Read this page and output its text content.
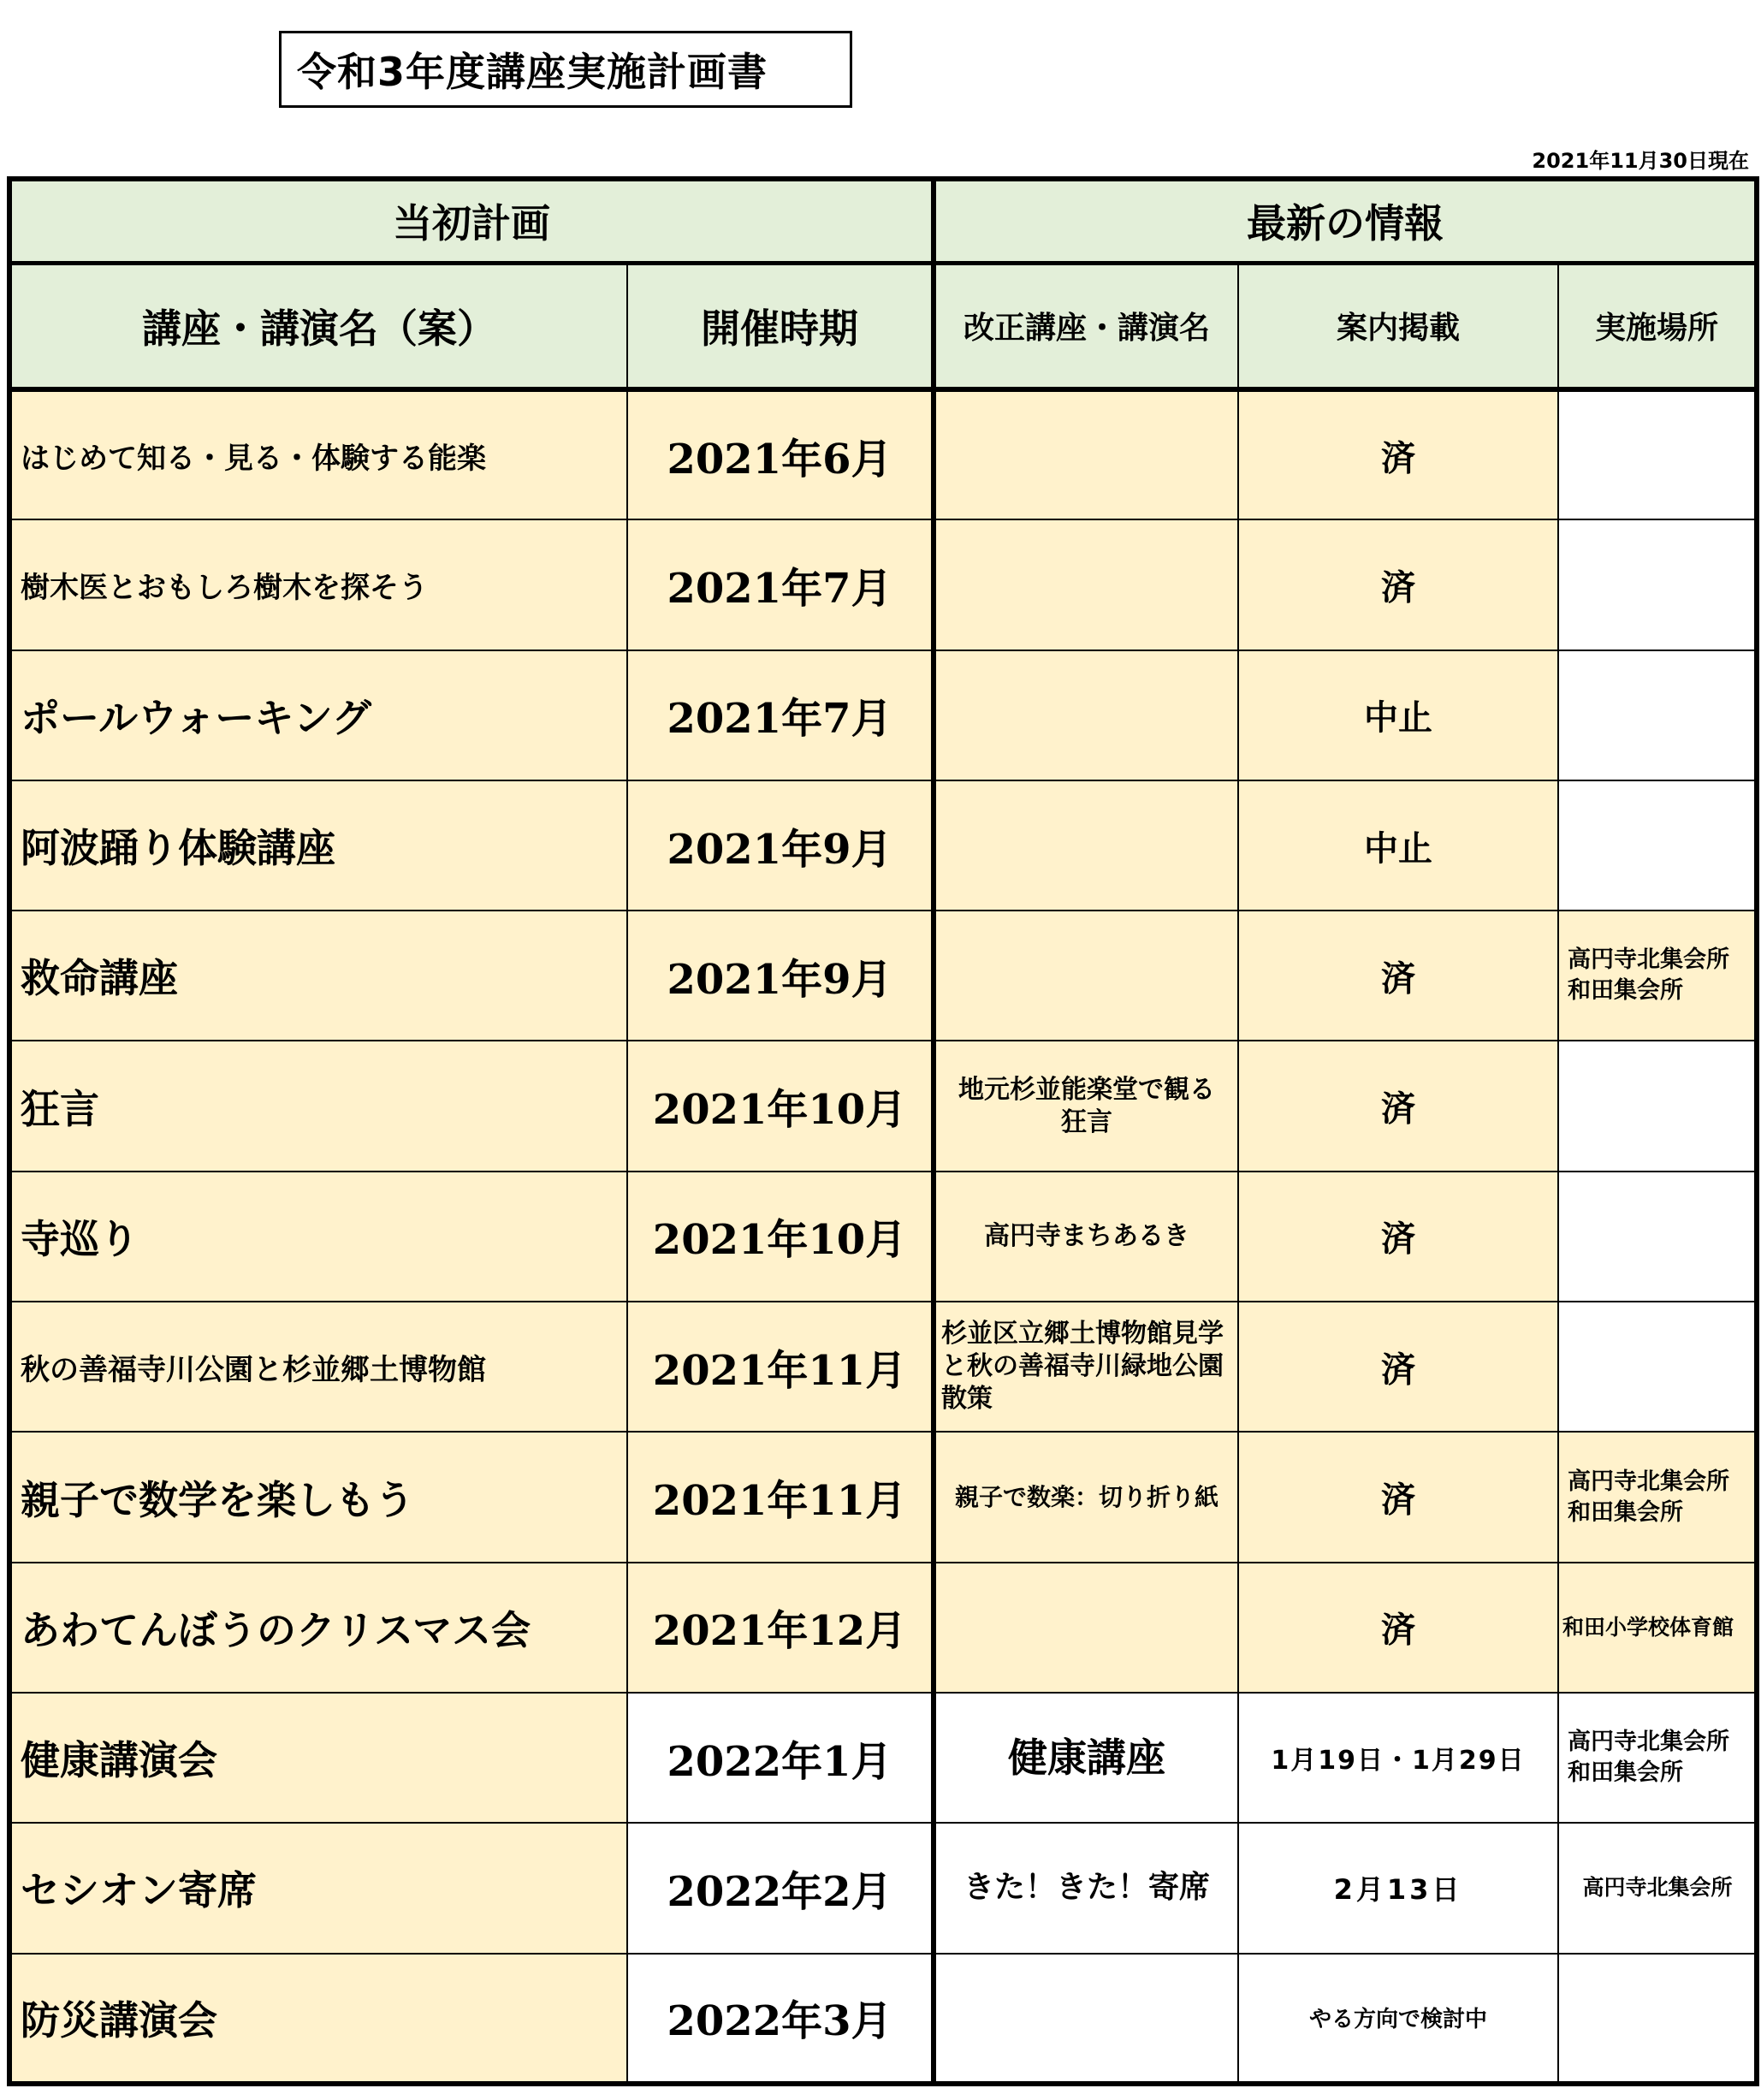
令和3年度講座実施計画書
2021年11月30日現在
当初計画		最新の情報		
講座・講演名（案）	開催時期	改正講座・講演名	案内掲載	実施場所
はじめて知る・見る・体験する能楽	2021年6月		済	
樹木医とおもしろ樹木を探そう	2021年7月		済	
ポールウォーキング	2021年7月		中止	
阿波踊り体験講座	2021年9月		中止	
救命講座	2021年9月		済	高円寺北集会所
和田集会所
狂言	2021年10月	地元杉並能楽堂で観る狂言	済	
寺巡り	2021年10月	高円寺まちあるき	済	
秋の善福寺川公園と杉並郷土博物館	2021年11月	杉並区立郷土博物館見学と秋の善福寺川緑地公園散策	済	
親子で数学を楽しもう	2021年11月	親子で数楽：切り折り紙	済	高円寺北集会所
和田集会所
あわてんぼうのクリスマス会	2021年12月		済	和田小学校体育館
健康講演会	2022年1月	健康講座	1月19日・1月29日	高円寺北集会所
和田集会所
セシオン寄席	2022年2月	きた！きた！寄席	2月13日	高円寺北集会所
防災講演会	2022年3月		やる方向で検討中	
